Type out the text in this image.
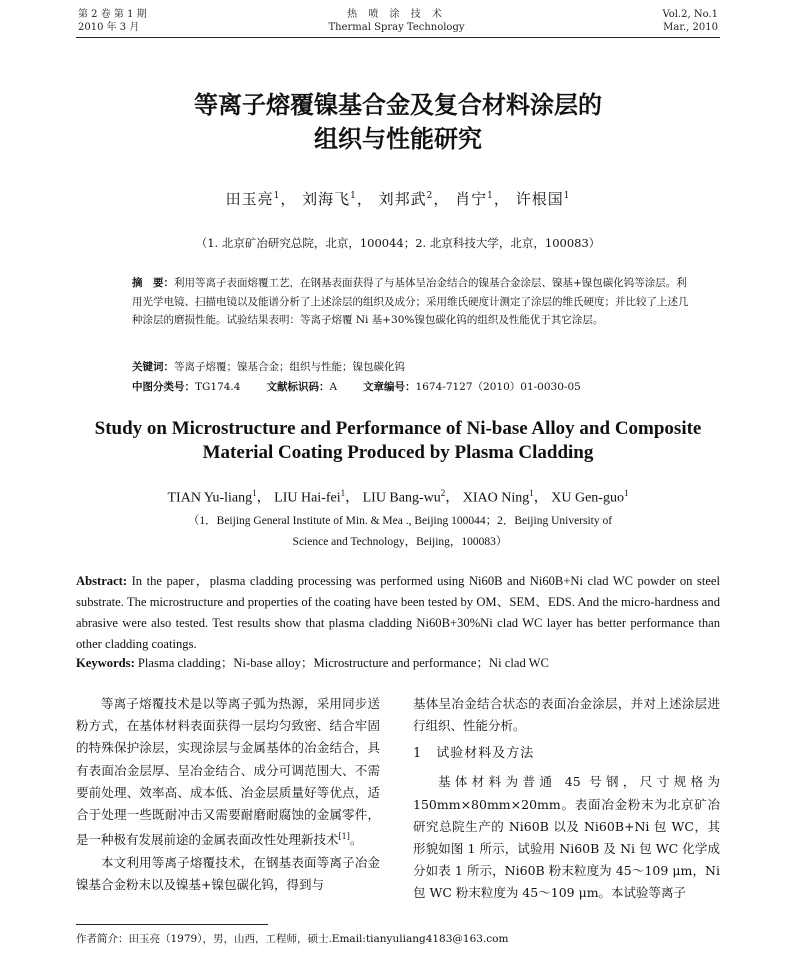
第 2 卷 第 1 期
2010 年 3 月
热 喷 涂 技 术
Thermal Spray Technology
Vol.2, No.1
Mar., 2010
等离子熔覆镍基合金及复合材料涂层的
组织与性能研究
田玉亮$^1$， 刘海飞$^1$， 刘邦武$^2$， 肖宁$^1$， 许根国$^1$
（1. 北京矿冶研究总院，北京，100044；2. 北京科技大学，北京，100083）
摘　要：利用等离子表面熔覆工艺，在钢基表面获得了与基体呈冶金结合的镍基合金涂层、镍基+镍包碳化钨等涂层。利用光学电镜、扫描电镜以及能谱分析了上述涂层的组织及成分；采用维氏硬度计测定了涂层的维氏硬度；并比较了上述几种涂层的磨损性能。试验结果表明：等离子熔覆 Ni 基+30%镍包碳化钨的组织及性能优于其它涂层。
关键词：等离子熔覆；镍基合金；组织与性能；镍包碳化钨
中图分类号：TG174.4 文献标识码：A 文章编号：1674-7127（2010）01-0030-05
Study on Microstructure and Performance of Ni-base Alloy and Composite
Material Coating Produced by Plasma Cladding
TIAN Yu-liang$^1$， LIU Hai-fei$^1$， LIU Bang-$wu^2$， XIAO Ning$^1$， XU Gen-guo$^1$
（1．Beijing General Institute of Min. & Mea ., Beijing 100044；2．Beijing University of
Science and Technology，Beijing，100083）
Abstract: In the paper，plasma cladding processing was performed using Ni60B and Ni60B+Ni clad WC powder on steel substrate. The microstructure and properties of the coating have been tested by OM、SEM、EDS. And the micro-hardness and abrasive were also tested. Test results show that plasma cladding Ni60B+30%Ni clad WC layer has better performance than other cladding coatings.
Keywords: Plasma cladding；Ni-base alloy；Microstructure and performance；Ni clad WC

等离子熔覆技术是以等离子弧为热源，采用同步送粉方式，在基体材料表面获得一层均匀致密、结合牢固的特殊保护涂层，实现涂层与金属基体的冶金结合，具有表面冶金层厚、呈冶金结合、成分可调范围大、不需要前处理、效率高、成本低、冶金层质量好等优点，适合于处理一些既耐冲击又需要耐磨耐腐蚀的金属零件，是一种极有发展前途的金属表面改性处理新技术[1]。

本文利用等离子熔覆技术，在钢基表面等离子冶金镍基合金粉末以及镍基+镍包碳化钨，得到与

基体呈冶金结合状态的表面冶金涂层，并对上述涂层进行组织、性能分析。
1　试验材料及方法

基体材料为普通 45 号钢，尺寸规格为 150mm×80mm×20mm。表面冶金粉末为北京矿冶研究总院生产的 Ni60B 以及 Ni60B+Ni 包 WC，其形貌如图 1 所示，试验用 Ni60B 及 Ni 包 WC 化学成分如表 1 所示，Ni60B 粉末粒度为 45～109 μm，Ni 包 WC 粉末粒度为 45～109 μm。本试验等离子

作者简介：田玉亮（1979），男，山西，工程师，硕士.Email:tianyuliang4183@163.com
